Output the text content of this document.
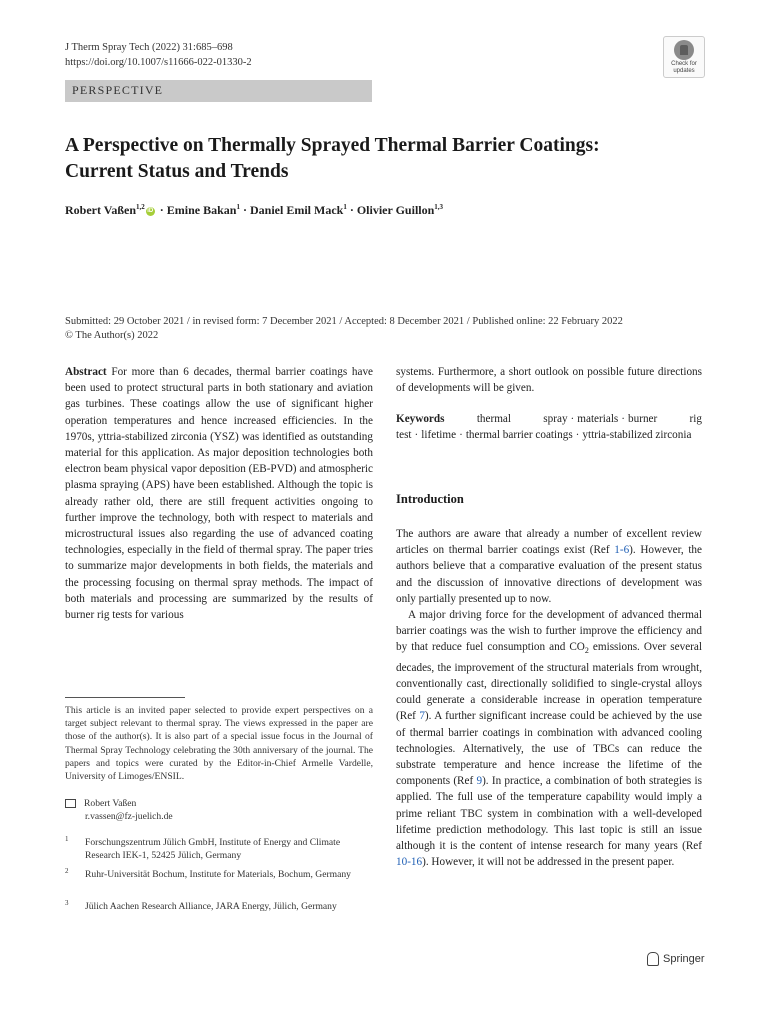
J Therm Spray Tech (2022) 31:685–698
https://doi.org/10.1007/s11666-022-01330-2	Check for
updates
PERSPECTIVE
A Perspective on Thermally Sprayed Thermal Barrier Coatings:
Current Status and Trends
Robert Vaßen$^{1,2}$ iD · Emine Bakan$^1$ · Daniel Emil Mack$^1$ · Olivier Guillon$^{1,3}$
Submitted: 29 October 2021 / in revised form: 7 December 2021 / Accepted: 8 December 2021 / Published online: 22 February 2022
© The Author(s) 2022

Abstract For more than 6 decades, thermal barrier coatings have been used to protect structural parts in both stationary and aviation gas turbines. These coatings allow the use of significant higher operation temperatures and hence increased efficiencies. In the 1970s, yttria-stabilized zirconia (YSZ) was identified as outstanding material for this application. As major deposition technologies both electron beam physical vapor deposition (EB-PVD) and atmospheric plasma spraying (APS) have been established. Although the topic is already rather old, there are still frequent activities ongoing to further improve the technology, both with respect to materials and microstructural issues also regarding the use of advanced coating technologies, especially in the field of thermal spray. The paper tries to summarize major developments in both fields, the materials and the processing focusing on thermal spray methods. The impact of both materials and processing are summarized by the results of burner rig tests for various

This article is an invited paper selected to provide expert perspectives on a target subject relevant to thermal spray. The views expressed in the paper are those of the author(s). It is also part of a special issue focus in the Journal of Thermal Spray Technology celebrating the 30th anniversary of the journal. The papers and topics were curated by the Editor-in-Chief Armelle Vardelle, University of Limoges/ENSIL.
Robert Vaßen
r.vassen@fz-juelich.de
1 Forschungszentrum Jülich GmbH, Institute of Energy and Climate Research IEK-1, 52425 Jülich, Germany
2 Ruhr-Universität Bochum, Institute for Materials, Bochum, Germany
3 Jülich Aachen Research Alliance, JARA Energy, Jülich, Germany
systems. Furthermore, a short outlook on possible future directions of developments will be given.
Keywords	thermal spray · materials · burner rig test · lifetime · thermal barrier coatings · yttria-stabilized zirconia
Introduction

The authors are aware that already a number of excellent review articles on thermal barrier coatings exist (Ref 1-6). However, the authors believe that a comparative evaluation of the present status and the discussion of innovative directions of development was only partially presented up to now.

A major driving force for the development of advanced thermal barrier coatings was the wish to further improve the efficiency and by that reduce fuel consumption and $CO_2$ emissions. Over several decades, the improvement of the structural materials from wrought, conventionally cast, directionally solidified to single-crystal alloys could generate a considerable increase in operation temperature (Ref 7). A further significant increase could be achieved by the use of thermal barrier coatings in combination with advanced cooling technologies. Alternatively, the use of TBCs can reduce the substrate temperature and hence increase the lifetime of the components (Ref 9). In practice, a combination of both strategies is applied. The full use of the temperature capability would imply a prime reliant TBC system in combination with a well-developed lifetime prediction methodology. This last topic is still an issue although it is the content of intense research for many years (Ref 10-16). However, it will not be addressed in the present paper.

Springer
